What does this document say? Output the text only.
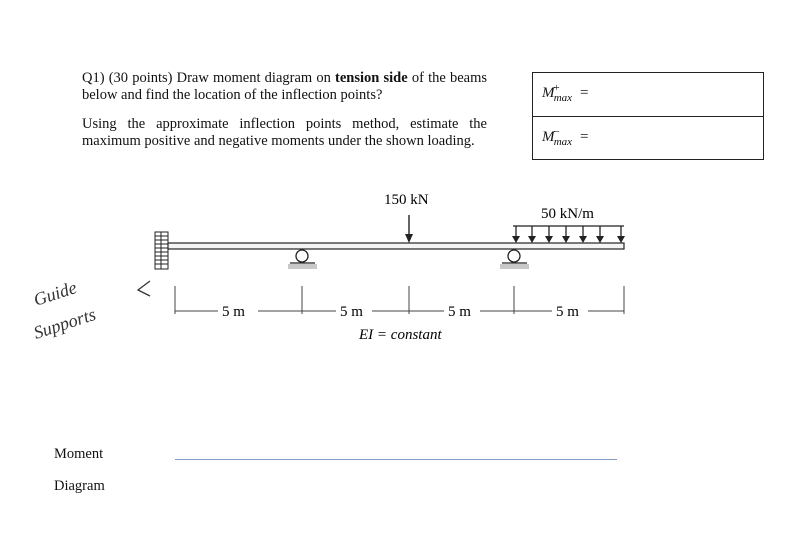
Q1) (30 points) Draw moment diagram on tension side of the beams below and find the location of the inflection points?

Using the approximate inflection points method, estimate the maximum positive and negative moments under the shown loading.

$M^+_{max}$ =
$M^-_{max}$ =
150 kN
50 kN/m
5 m	5 m	5 m	5 m
EI = constant
Guide
Supports
Moment
Diagram
